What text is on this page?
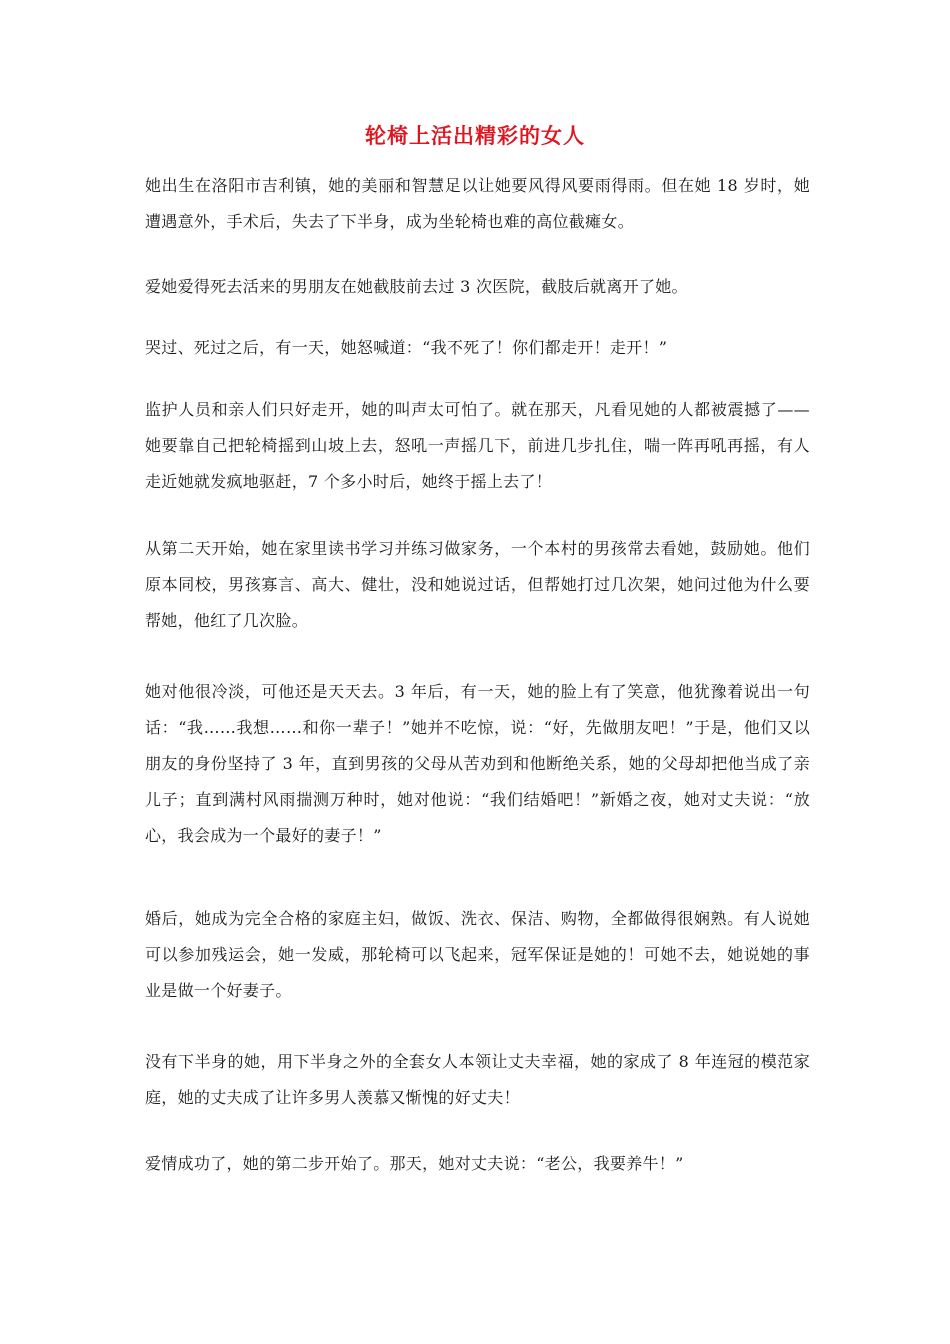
轮椅上活出精彩的女人

她出生在洛阳市吉利镇，她的美丽和智慧足以让她要风得风要雨得雨。但在她 18 岁时，她遭遇意外，手术后，失去了下半身，成为坐轮椅也难的高位截瘫女。

爱她爱得死去活来的男朋友在她截肢前去过 3 次医院，截肢后就离开了她。

哭过、死过之后，有一天，她怒喊道：“我不死了！你们都走开！走开！”

监护人员和亲人们只好走开，她的叫声太可怕了。就在那天，凡看见她的人都被震撼了——她要靠自己把轮椅摇到山坡上去，怒吼一声摇几下，前进几步扎住，喘一阵再吼再摇，有人走近她就发疯地驱赶，7 个多小时后，她终于摇上去了！

从第二天开始，她在家里读书学习并练习做家务，一个本村的男孩常去看她，鼓励她。他们原本同校，男孩寡言、高大、健壮，没和她说过话，但帮她打过几次架，她问过他为什么要帮她，他红了几次脸。

她对他很冷淡，可他还是天天去。3 年后，有一天，她的脸上有了笑意，他犹豫着说出一句话：“我……我想……和你一辈子！”她并不吃惊，说：“好，先做朋友吧！”于是，他们又以朋友的身份坚持了 3 年，直到男孩的父母从苦劝到和他断绝关系，她的父母却把他当成了亲儿子；直到满村风雨揣测万种时，她对他说：“我们结婚吧！”新婚之夜，她对丈夫说：“放心，我会成为一个最好的妻子！”

婚后，她成为完全合格的家庭主妇，做饭、洗衣、保洁、购物，全都做得很娴熟。有人说她可以参加残运会，她一发威，那轮椅可以飞起来，冠军保证是她的！可她不去，她说她的事业是做一个好妻子。

没有下半身的她，用下半身之外的全套女人本领让丈夫幸福，她的家成了 8 年连冠的模范家庭，她的丈夫成了让许多男人羡慕又惭愧的好丈夫！

爱情成功了，她的第二步开始了。那天，她对丈夫说：“老公，我要养牛！”
